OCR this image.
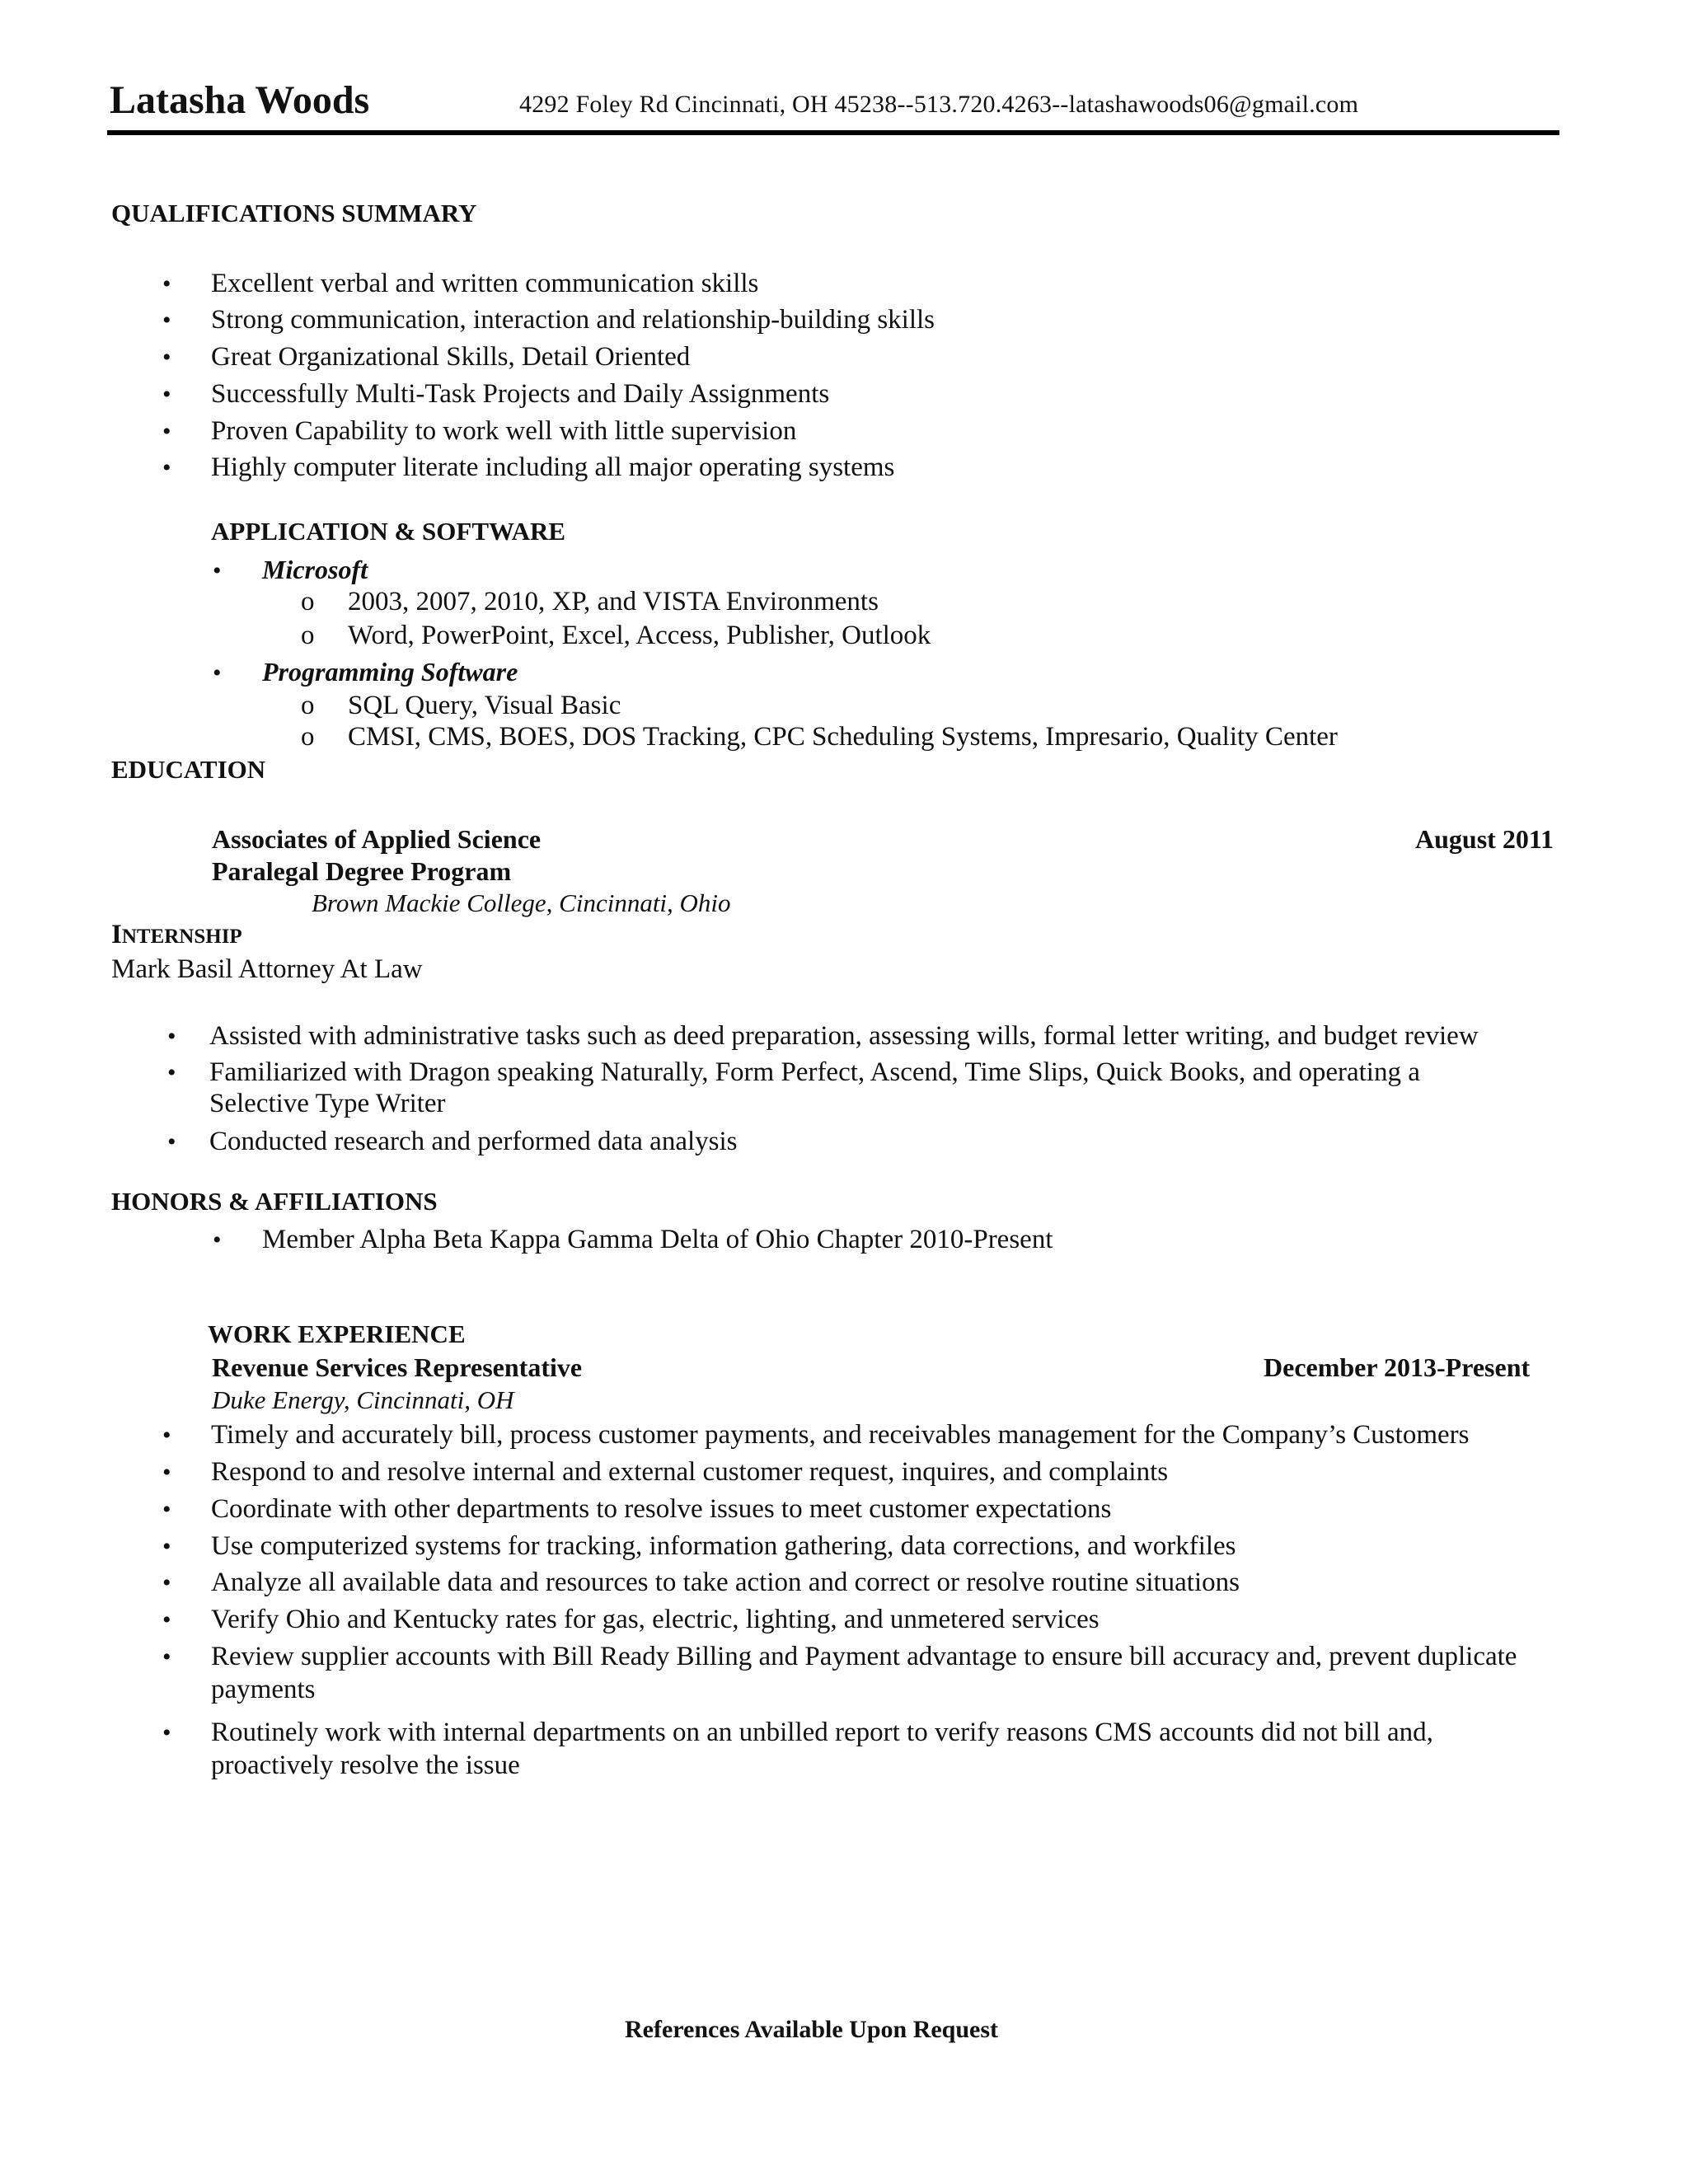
Latasha Woods	4292 Foley Rd Cincinnati, OH 45238--513.720.4263--latashawoods06@gmail.com
QUALIFICATIONS SUMMARY
• Excellent verbal and written communication skills
• Strong communication, interaction and relationship-building skills
• Great Organizational Skills, Detail Oriented
• Successfully Multi-Task Projects and Daily Assignments
• Proven Capability to work well with little supervision
• Highly computer literate including all major operating systems
APPLICATION & SOFTWARE
• Microsoft
o 2003, 2007, 2010, XP, and VISTA Environments
o Word, PowerPoint, Excel, Access, Publisher, Outlook
• Programming Software
o SQL Query, Visual Basic
o CMSI, CMS, BOES, DOS Tracking, CPC Scheduling Systems, Impresario, Quality Center
EDUCATION
Associates of Applied Science	August 2011
Paralegal Degree Program
Brown Mackie College, Cincinnati, Ohio
INTERNSHIP
Mark Basil Attorney At Law
• Assisted with administrative tasks such as deed preparation, assessing wills, formal letter writing, and budget review
• Familiarized with Dragon speaking Naturally, Form Perfect, Ascend, Time Slips, Quick Books, and operating a
Selective Type Writer
• Conducted research and performed data analysis
HONORS & AFFILIATIONS
• Member Alpha Beta Kappa Gamma Delta of Ohio Chapter 2010-Present
WORK EXPERIENCE
Revenue Services Representative	December 2013-Present
Duke Energy, Cincinnati, OH
• Timely and accurately bill, process customer payments, and receivables management for the Company’s Customers
• Respond to and resolve internal and external customer request, inquires, and complaints
• Coordinate with other departments to resolve issues to meet customer expectations
• Use computerized systems for tracking, information gathering, data corrections, and workfiles
• Analyze all available data and resources to take action and correct or resolve routine situations
• Verify Ohio and Kentucky rates for gas, electric, lighting, and unmetered services
• Review supplier accounts with Bill Ready Billing and Payment advantage to ensure bill accuracy and, prevent duplicate
payments
• Routinely work with internal departments on an unbilled report to verify reasons CMS accounts did not bill and,
proactively resolve the issue
References Available Upon Request
